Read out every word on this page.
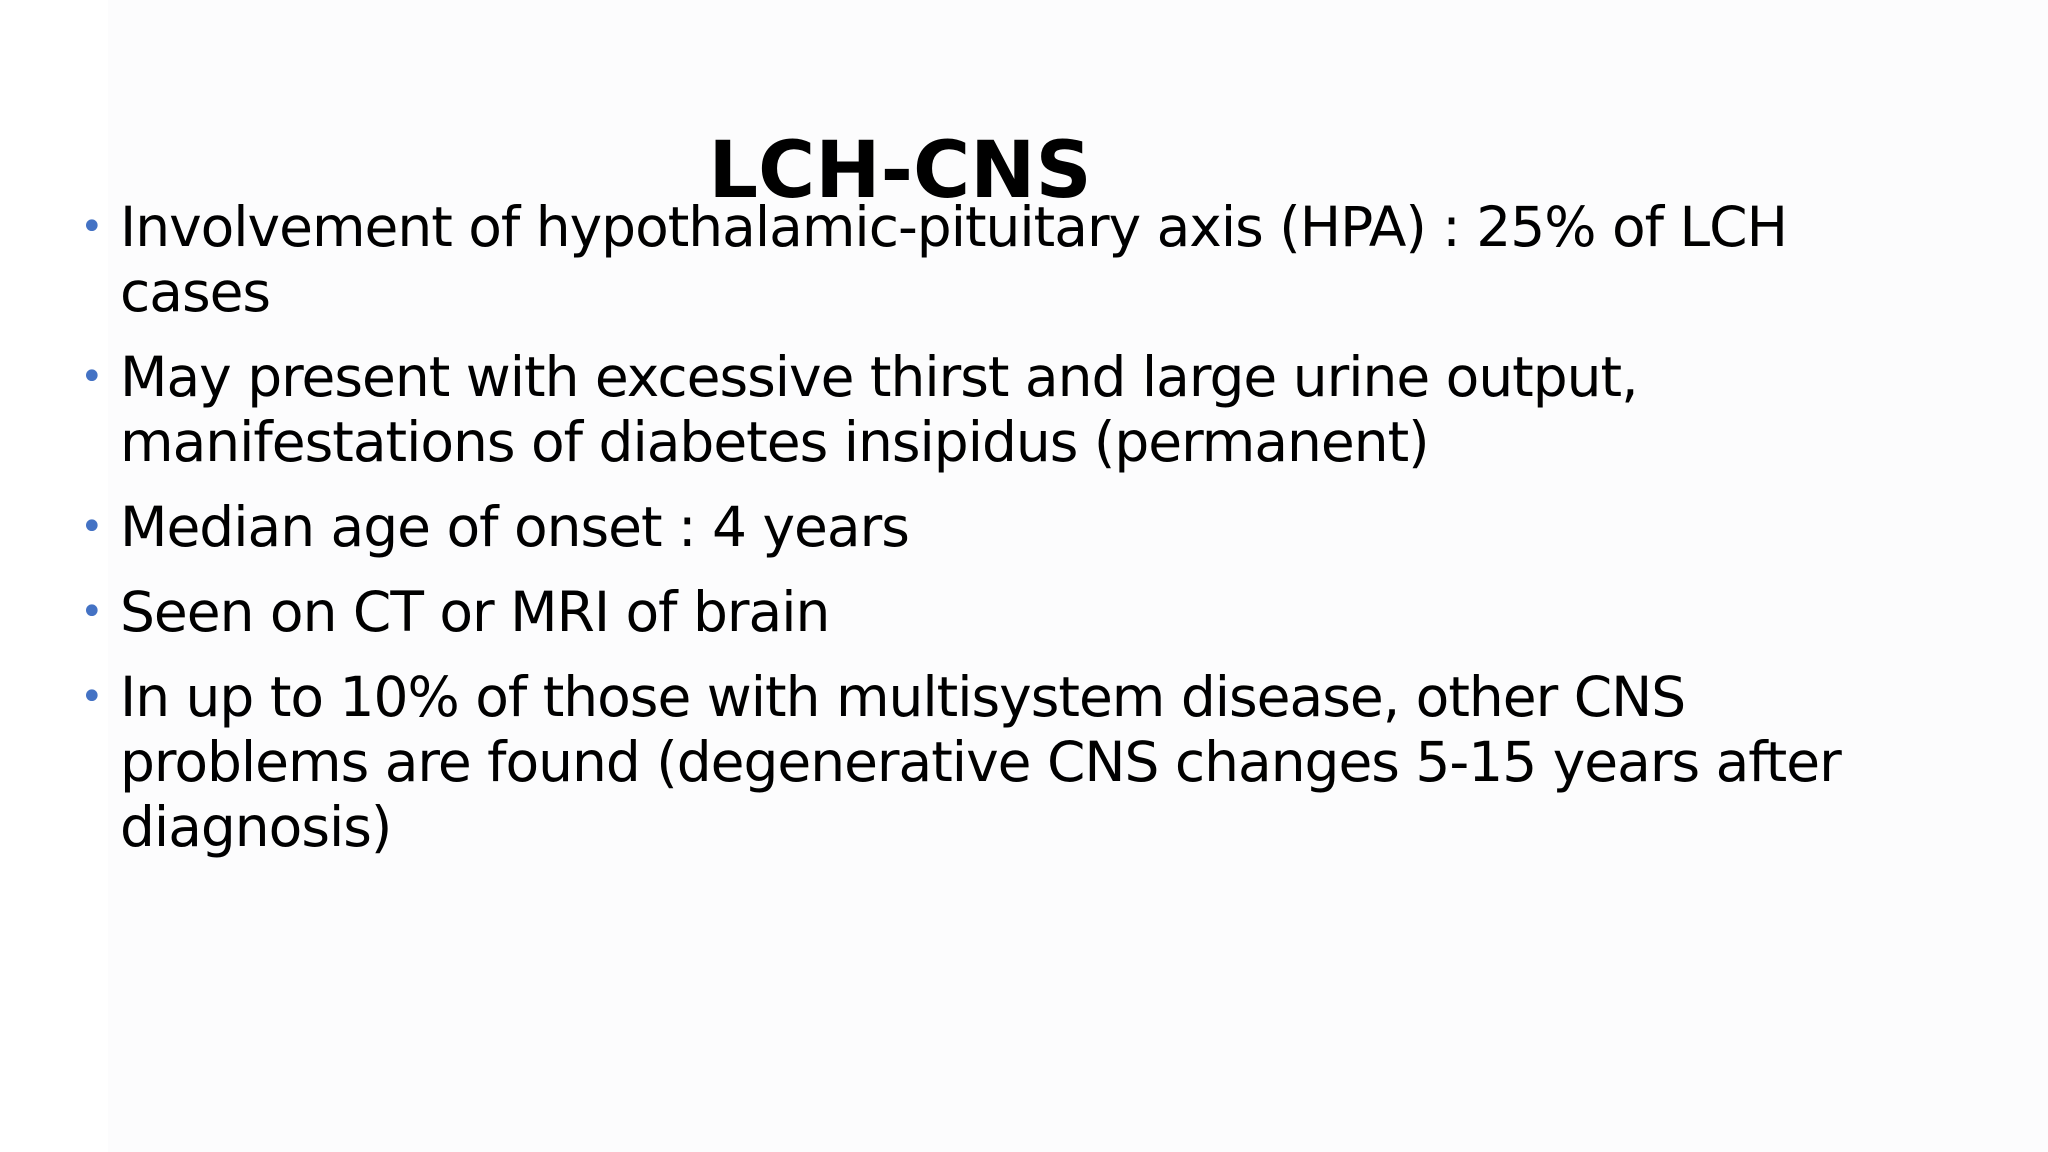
LCH-CNS
• Involvement of hypothalamic-pituitary axis (HPA) : 25% of LCH cases
• May present with excessive thirst and large urine output, manifestations of diabetes insipidus (permanent)
• Median age of onset : 4 years
• Seen on CT or MRI of brain
• In up to 10% of those with multisystem disease, other CNS problems are found (degenerative CNS changes 5-15 years after diagnosis)
